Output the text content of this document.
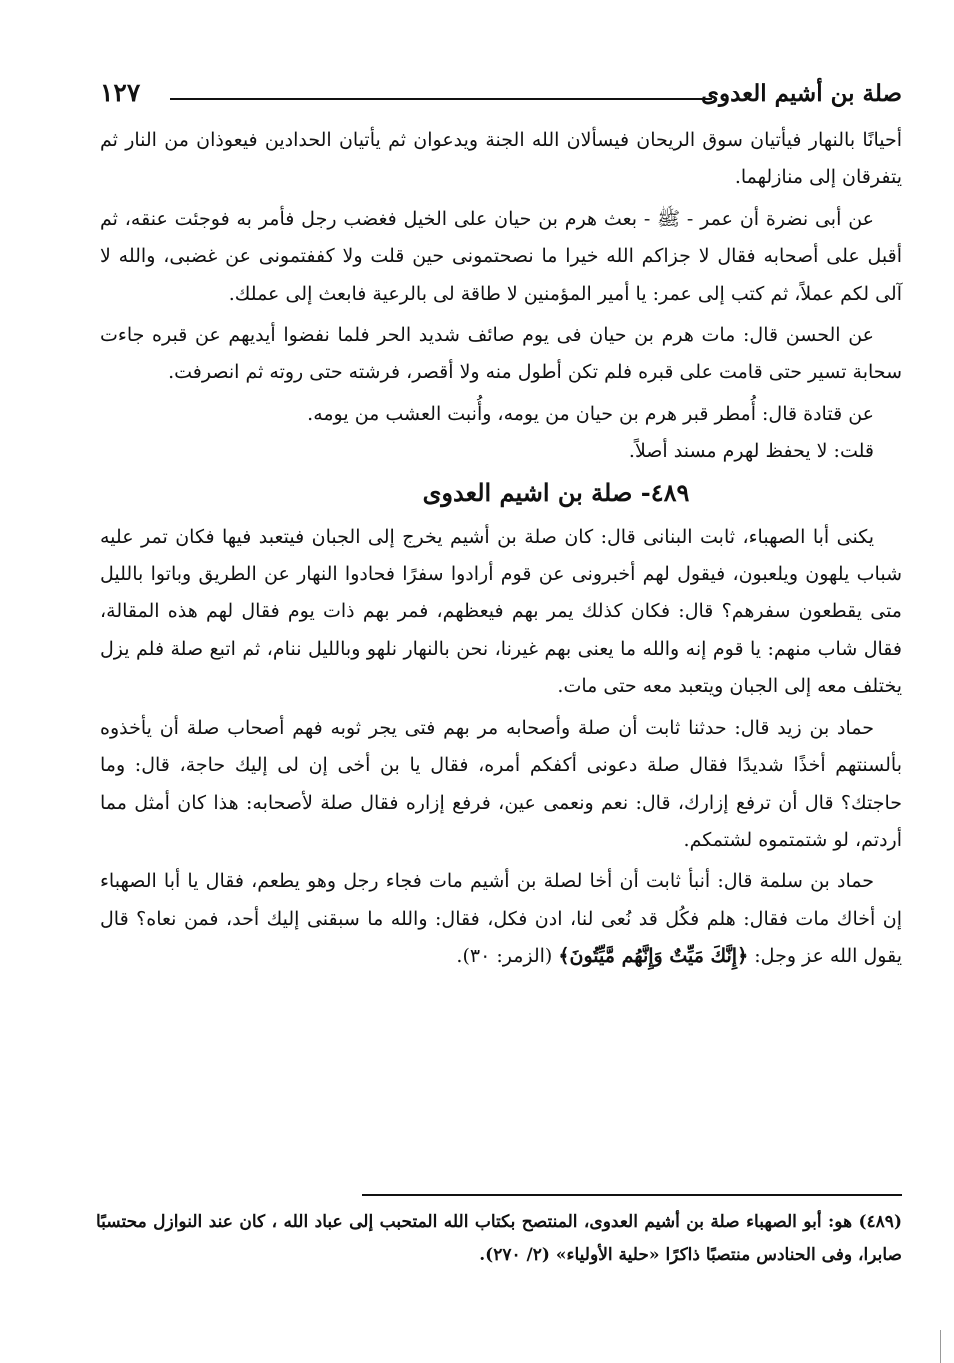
صلة بن أشيم العدوى
١٢٧

أحيانًا بالنهار فيأتيان سوق الريحان فيسألان الله الجنة ويدعوان ثم يأتيان الحدادين فيعوذان من النار ثم يتفرقان إلى منازلهما.

عن أبى نضرة أن عمر - ﷺ - بعث هرم بن حيان على الخيل فغضب رجل فأمر به فوجئت عنقه، ثم أقبل على أصحابه فقال لا جزاكم الله خيرا ما نصحتمونى حين قلت ولا كففتمونى عن غضبى، والله لا آلى لكم عملاً، ثم كتب إلى عمر: يا أمير المؤمنين لا طاقة لى بالرعية فابعث إلى عملك.

عن الحسن قال: مات هرم بن حيان فى يوم صائف شديد الحر فلما نفضوا أيديهم عن قبره جاءت سحابة تسير حتى قامت على قبره فلم تكن أطول منه ولا أقصر، فرشته حتى روته ثم انصرفت.

عن قتادة قال: أُمطر قبر هرم بن حيان من يومه، وأُنبت العشب من يومه.

قلت: لا يحفظ لهرم مسند أصلاً.

٤٨٩- صلة بن اشيم العدوى

يكنى أبا الصهباء، ثابت البنانى قال: كان صلة بن أشيم يخرج إلى الجبان فيتعبد فيها فكان تمر عليه شباب يلهون ويلعبون، فيقول لهم أخبرونى عن قوم أرادوا سفرًا فحادوا النهار عن الطريق وباتوا بالليل متى يقطعون سفرهم؟ قال: فكان كذلك يمر بهم فيعظهم، فمر بهم ذات يوم فقال لهم هذه المقالة، فقال شاب منهم: يا قوم إنه والله ما يعنى بهم غيرنا، نحن بالنهار نلهو وبالليل ننام، ثم اتبع صلة فلم يزل يختلف معه إلى الجبان ويتعبد معه حتى مات.

حماد بن زيد قال: حدثنا ثابت أن صلة وأصحابه مر بهم فتى يجر ثوبه فهم أصحاب صلة أن يأخذوه بألسنتهم أخذًا شديدًا فقال صلة دعونى أكفكم أمره، فقال يا بن أخى إن لى إليك حاجة، قال: وما حاجتك؟ قال أن ترفع إزارك، قال: نعم ونعمى عين، فرفع إزاره فقال صلة لأصحابه: هذا كان أمثل مما أردتم، لو شتمتموه لشتمكم.

حماد بن سلمة قال: أنبأ ثابت أن أخا لصلة بن أشيم مات فجاء رجل وهو يطعم، فقال يا أبا الصهباء إن أخاك مات فقال: هلم فكُل قد نُعى لنا، ادن فكل، فقال: والله ما سبقنى إليك أحد، فمن نعاه؟ قال يقول الله عز وجل: ﴿إِنَّكَ مَيِّتٌ وَإِنَّهُم مَّيِّتُونَ﴾ (الزمر: ٣٠).

(٤٨٩) هو: أبو الصهباء صلة بن أشيم العدوى، المنتصح بكتاب الله المتحبب إلى عباد الله ، كان عند النوازل محتسبًا صابرا، وفى الحنادس منتصبًا ذاكرًا «حلية الأولياء» (٢/ ٢٧٠).
